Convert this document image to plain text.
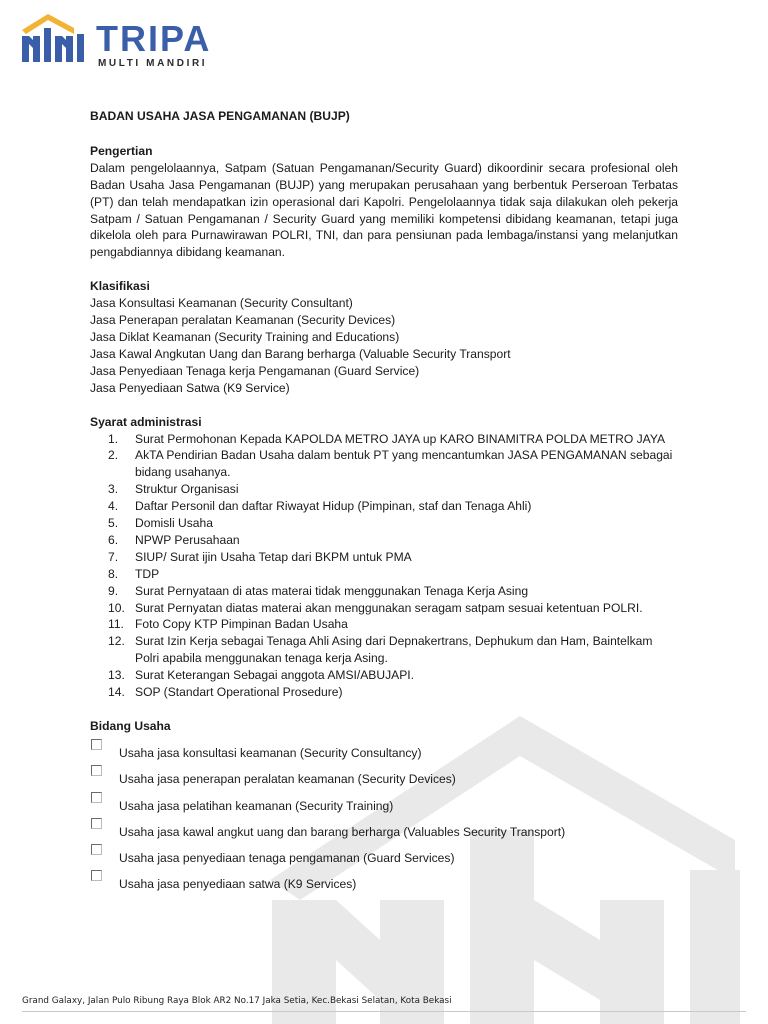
TRIPA
MULTI MANDIRI

BADAN USAHA JASA PENGAMANAN (BUJP)

Pengertian

Dalam pengelolaannya, Satpam (Satuan Pengamanan/Security Guard) dikoordinir secara profesional oleh Badan Usaha Jasa Pengamanan (BUJP) yang merupakan perusahaan yang berbentuk Perseroan Terbatas (PT) dan telah mendapatkan izin operasional dari Kapolri. Pengelolaannya tidak saja dilakukan oleh pekerja Satpam / Satuan Pengamanan / Security Guard yang memiliki kompetensi dibidang keamanan, tetapi juga dikelola oleh para Purnawirawan POLRI, TNI, dan para pensiunan pada lembaga/instansi yang melanjutkan pengabdiannya dibidang keamanan.

Klasifikasi

Jasa Konsultasi Keamanan (Security Consultant)
Jasa Penerapan peralatan Keamanan (Security Devices)
Jasa Diklat Keamanan (Security Training and Educations)
Jasa Kawal Angkutan Uang dan Barang berharga (Valuable Security Transport
Jasa Penyediaan Tenaga kerja Pengamanan (Guard Service)
Jasa Penyediaan Satwa (K9 Service)

Syarat administrasi

1.	Surat Permohonan Kepada KAPOLDA METRO JAYA up KARO BINAMITRA POLDA METRO JAYA
2.	AkTA Pendirian Badan Usaha dalam bentuk PT yang mencantumkan JASA PENGAMANAN sebagai bidang usahanya.
3.	Struktur Organisasi
4.	Daftar Personil dan daftar Riwayat Hidup (Pimpinan, staf dan Tenaga Ahli)
5.	Domisli Usaha
6.	NPWP Perusahaan
7.	SIUP/ Surat ijin Usaha Tetap dari BKPM untuk PMA
8.	TDP
9.	Surat Pernyataan di atas materai tidak menggunakan Tenaga Kerja Asing
10. Surat Pernyatan diatas materai akan menggunakan seragam satpam sesuai ketentuan POLRI.
11. Foto Copy KTP Pimpinan Badan Usaha
12. Surat Izin Kerja sebagai Tenaga Ahli Asing dari Depnakertrans, Dephukum dan Ham, Baintelkam Polri apabila menggunakan tenaga kerja Asing.
13. Surat Keterangan Sebagai anggota AMSI/ABUJAPI.
14. SOP (Standart Operational Prosedure)

Bidang Usaha

Usaha jasa konsultasi keamanan (Security Consultancy)
Usaha jasa penerapan peralatan keamanan (Security Devices)
Usaha jasa pelatihan keamanan (Security Training)
Usaha jasa kawal angkut uang dan barang berharga (Valuables Security Transport)
Usaha jasa penyediaan tenaga pengamanan (Guard Services)
Usaha jasa penyediaan satwa (K9 Services)
Grand Galaxy, Jalan Pulo Ribung Raya Blok AR2 No.17 Jaka Setia, Kec.Bekasi Selatan, Kota Bekasi
